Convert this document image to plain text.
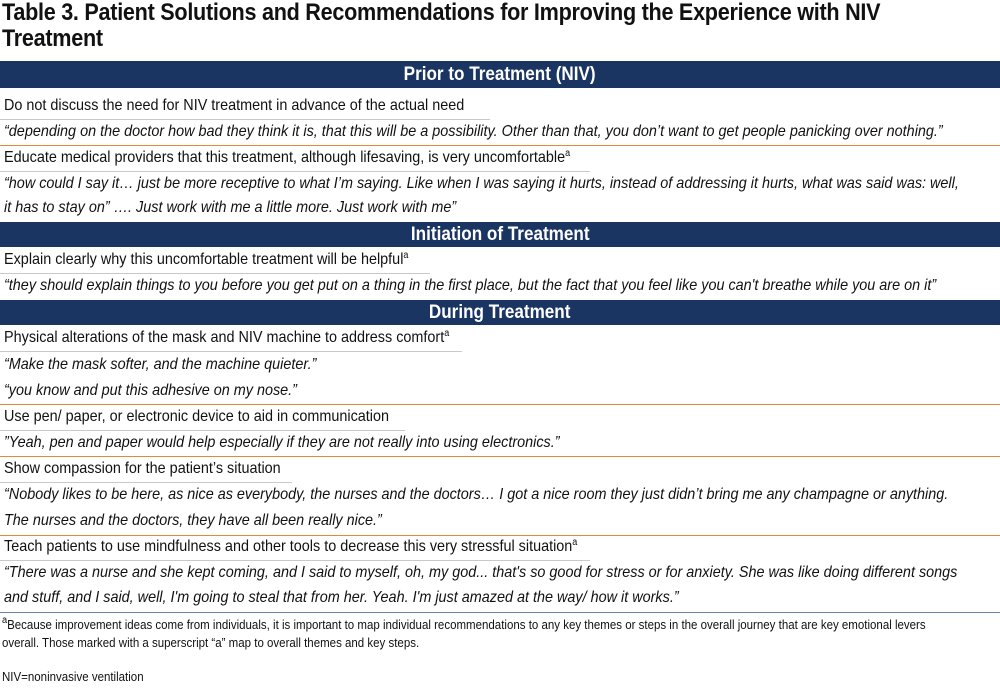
Table 3. Patient Solutions and Recommendations for Improving the Experience with NIV Treatment
Prior to Treatment (NIV)
Do not discuss the need for NIV treatment in advance of the actual need
“depending on the doctor how bad they think it is, that this will be a possibility. Other than that, you don’t want to get people panicking over nothing.”
Educate medical providers that this treatment, although lifesaving, is very uncomfortable$^a$
“how could I say it… just be more receptive to what I’m saying. Like when I was saying it hurts, instead of addressing it hurts, what was said was: well,
it has to stay on” …. Just work with me a little more. Just work with me”
Initiation of Treatment
Explain clearly why this uncomfortable treatment will be helpful$^a$
“they should explain things to you before you get put on a thing in the first place, but the fact that you feel like you can't breathe while you are on it”
During Treatment
Physical alterations of the mask and NIV machine to address comfort$^a$
“Make the mask softer, and the machine quieter.”
“you know and put this adhesive on my nose.”
Use pen/ paper, or electronic device to aid in communication
”Yeah, pen and paper would help especially if they are not really into using electronics.”
Show compassion for the patient’s situation
“Nobody likes to be here, as nice as everybody, the nurses and the doctors… I got a nice room they just didn’t bring me any champagne or anything.
The nurses and the doctors, they have all been really nice.”
Teach patients to use mindfulness and other tools to decrease this very stressful situation$^a$
“There was a nurse and she kept coming, and I said to myself, oh, my god... that's so good for stress or for anxiety. She was like doing different songs
and stuff, and I said, well, I'm going to steal that from her. Yeah. I'm just amazed at the way/ how it works.”
$^a$Because improvement ideas come from individuals, it is important to map individual recommendations to any key themes or steps in the overall journey that are key emotional levers
overall. Those marked with a superscript “a” map to overall themes and key steps.
NIV=noninvasive ventilation
